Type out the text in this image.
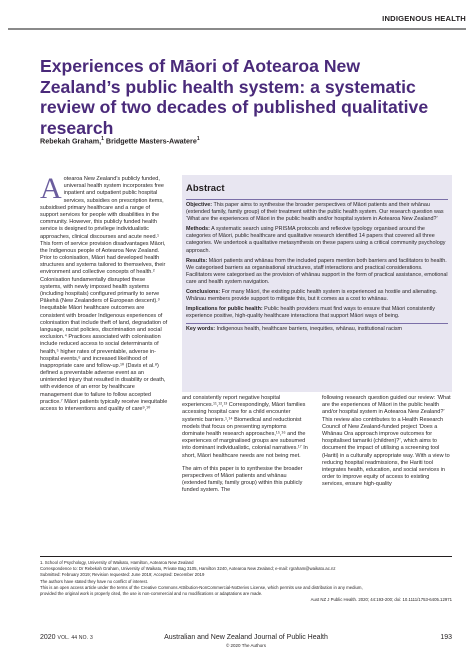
INDIGENOUS HEALTH
Experiences of Māori of Aotearoa New Zealand’s public health system: a systematic review of two decades of published qualitative research
Rebekah Graham,$^1$ Bridgette Masters-Awatere$^1$

Aotearoa New Zealand’s publicly funded, universal health system incorporates free inpatient and outpatient public hospital services, subsidies on prescription items, subsidised primary healthcare and a range of support services for people with disabilities in the community. However, this publicly funded health service is designed to privilege individualistic approaches, clinical discourses and acute need.¹ This form of service provision disadvantages Māori, the Indigenous people of Aotearoa New Zealand. Prior to colonisation, Māori had developed health structures and systems tailored to themselves, their environment and collective concepts of health.² Colonisation fundamentally disrupted these systems, with newly imposed health systems (including hospitals) configured primarily to serve Pākehā (New Zealanders of European descent).³ Inequitable Māori healthcare outcomes are consistent with broader Indigenous experiences of colonisation that include theft of land, degradation of language, racist policies, discrimination and social exclusion.⁴ Practices associated with colonisation include reduced access to social determinants of health,⁵ higher rates of preventable, adverse in-hospital events,⁶ and increased likelihood of inappropriate care and follow-up.¹⁰ (Davis et al.⁸) defined a preventable adverse event as an unintended injury that resulted in disability or death, with evidence of an error by healthcare management due to failure to follow accepted practice.⁷ Māori patients typically receive inequitable access to interventions and quality of care⁹,¹⁰

Abstract

Objective: This paper aims to synthesise the broader perspectives of Māori patients and their whānau (extended family, family group) of their treatment within the public health system. Our research question was ‘What are the experiences of Māori in the public health and/or hospital system in Aotearoa New Zealand?’

Methods: A systematic search using PRISMA protocols and reflexive typology organised around the categories of Māori, public healthcare and qualitative research identified 14 papers that covered all three categories. We undertook a qualitative metasynthesis on these papers using a critical community psychology approach.

Results: Māori patients and whānau from the included papers mention both barriers and facilitators to health. We categorised barriers as organisational structures, staff interactions and practical considerations. Facilitators were categorised as the provision of whānau support in the form of practical assistance, emotional care and health system navigation.

Conclusions: For many Māori, the existing public health system is experienced as hostile and alienating. Whānau members provide support to mitigate this, but it comes as a cost to whānau.

Implications for public health: Public health providers must find ways to ensure that Māori consistently experience positive, high-quality healthcare interactions that support Māori ways of being.

Key words: Indigenous health, healthcare barriers, inequities, whānau, institutional racism

and consistently report negative hospital experiences.¹¹,¹²,¹³ Correspondingly, Māori families accessing hospital care for a child encounter systemic barriers.¹,¹⁴ Biomedical and reductionist models that focus on presenting symptoms dominate health research approaches,¹⁵,¹⁶ and the experiences of marginalised groups are subsumed into dominant individualistic, colonial narratives.¹⁷ In short, Māori healthcare needs are not being met.

The aim of this paper is to synthesise the broader perspectives of Māori patients and whānau (extended family, family group) within this publicly funded system. The

following research question guided our review: ‘What are the experiences of Māori in the public health and/or hospital system in Aotearoa New Zealand?’ This review also contributes to a Health Research Council of New Zealand-funded project ‘Does a Whānau Ora approach improve outcomes for hospitalised tamariki (children)?’, which aims to document the impact of utilising a screening tool (Hariti) in a culturally appropriate way. With a view to reducing hospital readmissions, the Hariti tool integrates health, education, and social services in order to improve equity of access to existing services, ensure high-quality

1. School of Psychology, University of Waikato, Hamilton, Aotearoa New Zealand
Correspondence to: Dr Rebekah Graham, University of Waikato, Private Bag 3105, Hamilton 3240, Aotearoa New Zealand; e-mail: rgraham@waikato.ac.nz
Submitted: February 2019; Revision requested: June 2019; Accepted: December 2019
The authors have stated they have no conflict of interest.
This is an open access article under the terms of the Creative Commons Attribution-NonCommercial-NoDerivs License, which permits use and distribution in any medium,
provided the original work is properly cited, the use is non-commercial and no modifications or adaptations are made.
Aust NZ J Public Health. 2020; 44:193-200; doi: 10.1111/1753-6405.12971
2020 VOL. 44 NO. 3	Australian and New Zealand Journal of Public Health	193
© 2020 The Authors
